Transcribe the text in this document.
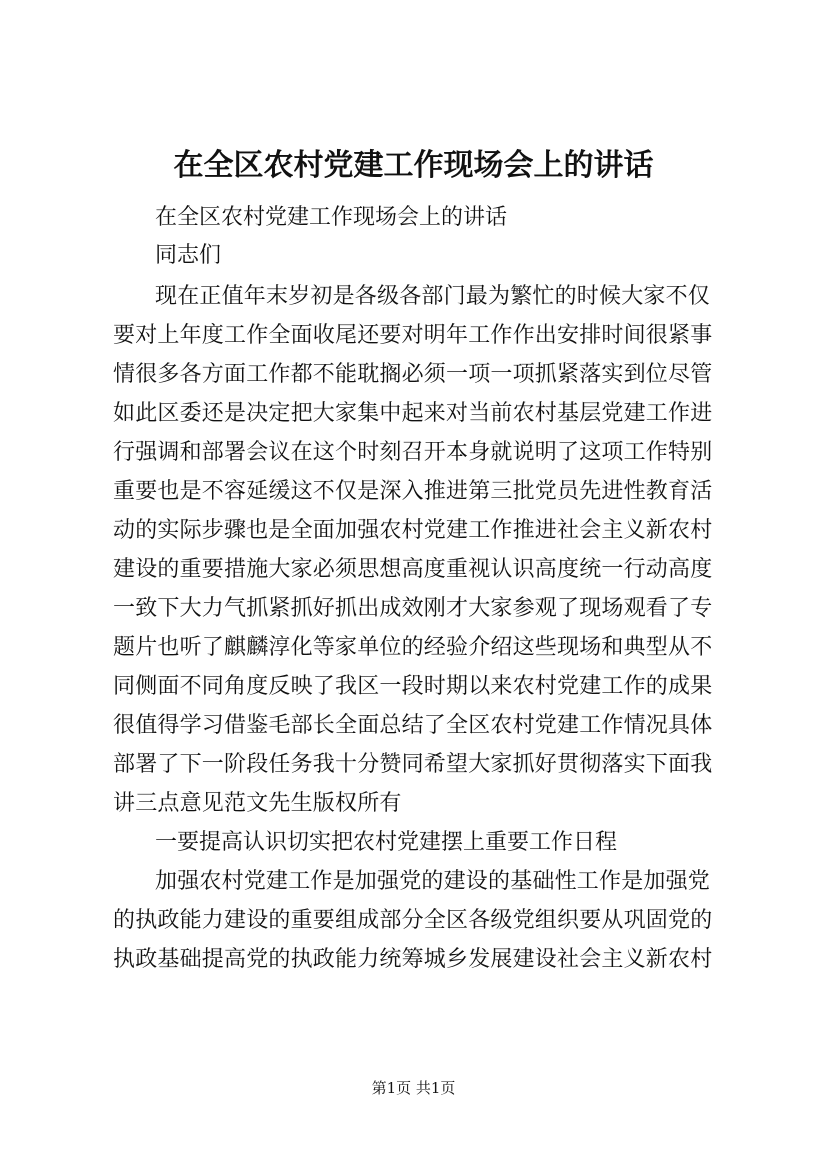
在全区农村党建工作现场会上的讲话

在全区农村党建工作现场会上的讲话

同志们

现在正值年末岁初是各级各部门最为繁忙的时候大家不仅

要对上年度工作全面收尾还要对明年工作作出安排时间很紧事

情很多各方面工作都不能耽搁必须一项一项抓紧落实到位尽管

如此区委还是决定把大家集中起来对当前农村基层党建工作进

行强调和部署会议在这个时刻召开本身就说明了这项工作特别

重要也是不容延缓这不仅是深入推进第三批党员先进性教育活

动的实际步骤也是全面加强农村党建工作推进社会主义新农村

建设的重要措施大家必须思想高度重视认识高度统一行动高度

一致下大力气抓紧抓好抓出成效刚才大家参观了现场观看了专

题片也听了麒麟淳化等家单位的经验介绍这些现场和典型从不

同侧面不同角度反映了我区一段时期以来农村党建工作的成果

很值得学习借鉴毛部长全面总结了全区农村党建工作情况具体

部署了下一阶段任务我十分赞同希望大家抓好贯彻落实下面我

讲三点意见范文先生版权所有

一要提高认识切实把农村党建摆上重要工作日程

加强农村党建工作是加强党的建设的基础性工作是加强党

的执政能力建设的重要组成部分全区各级党组织要从巩固党的

执政基础提高党的执政能力统筹城乡发展建设社会主义新农村

第1页 共1页
